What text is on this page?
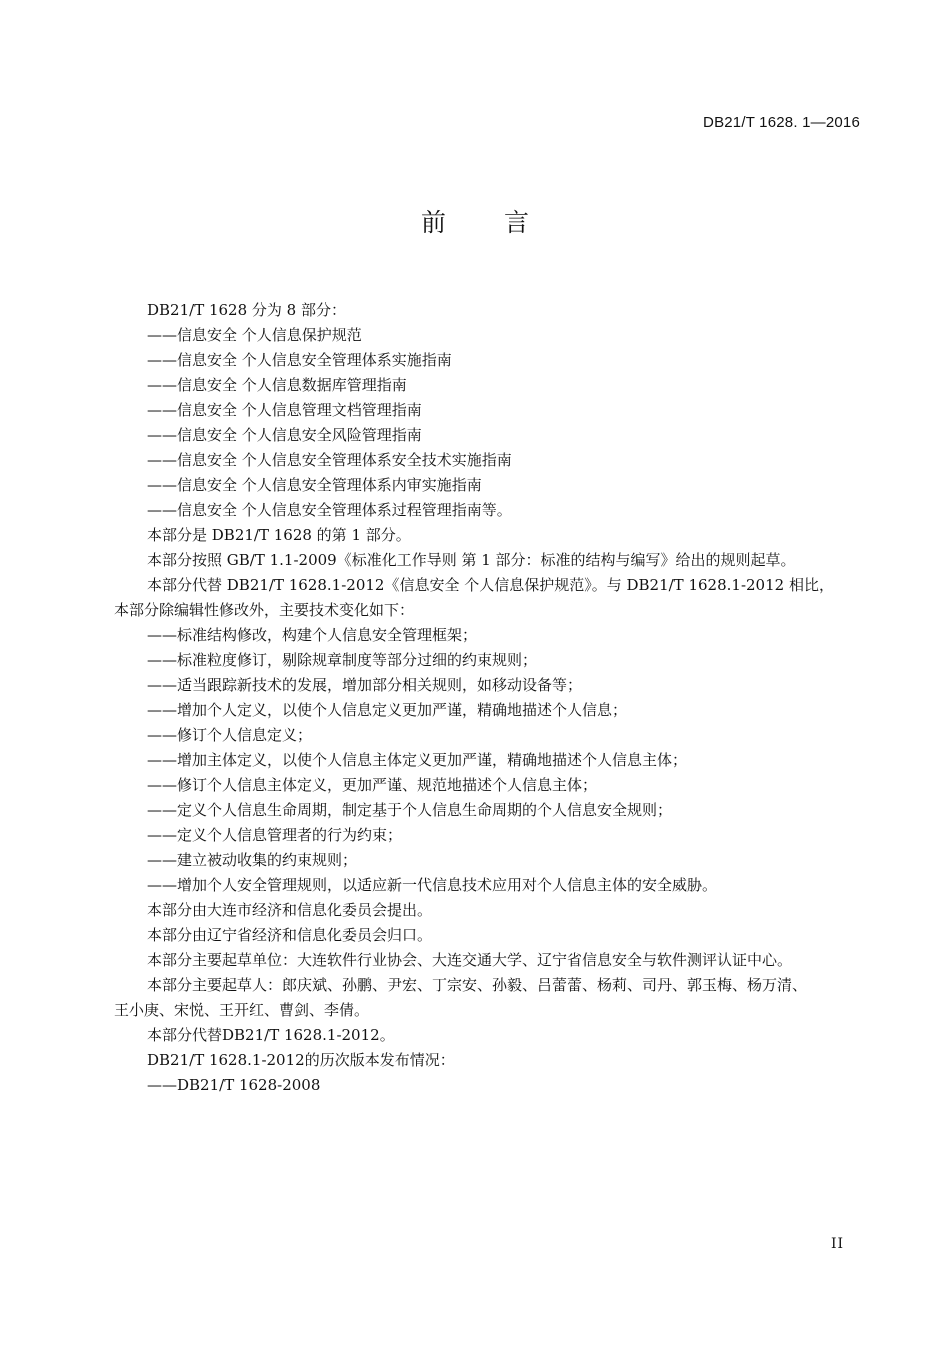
DB21/T 1628. 1—2016
前 言
DB21/T 1628 分为 8 部分：
——信息安全 个人信息保护规范
——信息安全 个人信息安全管理体系实施指南
——信息安全 个人信息数据库管理指南
——信息安全 个人信息管理文档管理指南
——信息安全 个人信息安全风险管理指南
——信息安全 个人信息安全管理体系安全技术实施指南
——信息安全 个人信息安全管理体系内审实施指南
——信息安全 个人信息安全管理体系过程管理指南等。
本部分是 DB21/T 1628 的第 1 部分。
本部分按照 GB/T 1.1-2009《标准化工作导则 第 1 部分：标准的结构与编写》给出的规则起草。
本部分代替 DB21/T 1628.1-2012《信息安全 个人信息保护规范》。与 DB21/T 1628.1-2012 相比，
本部分除编辑性修改外，主要技术变化如下：
——标准结构修改，构建个人信息安全管理框架；
——标准粒度修订，剔除规章制度等部分过细的约束规则；
——适当跟踪新技术的发展，增加部分相关规则，如移动设备等；
——增加个人定义，以使个人信息定义更加严谨，精确地描述个人信息；
——修订个人信息定义；
——增加主体定义，以使个人信息主体定义更加严谨，精确地描述个人信息主体；
——修订个人信息主体定义，更加严谨、规范地描述个人信息主体；
——定义个人信息生命周期，制定基于个人信息生命周期的个人信息安全规则；
——定义个人信息管理者的行为约束；
——建立被动收集的约束规则；
——增加个人安全管理规则，以适应新一代信息技术应用对个人信息主体的安全威胁。
本部分由大连市经济和信息化委员会提出。
本部分由辽宁省经济和信息化委员会归口。
本部分主要起草单位：大连软件行业协会、大连交通大学、辽宁省信息安全与软件测评认证中心。
本部分主要起草人：郎庆斌、孙鹏、尹宏、丁宗安、孙毅、吕蕾蕾、杨莉、司丹、郭玉梅、杨万清、
王小庚、宋悦、王开红、曹剑、李倩。
本部分代替DB21/T 1628.1-2012。
DB21/T 1628.1-2012的历次版本发布情况：
——DB21/T 1628-2008
II
